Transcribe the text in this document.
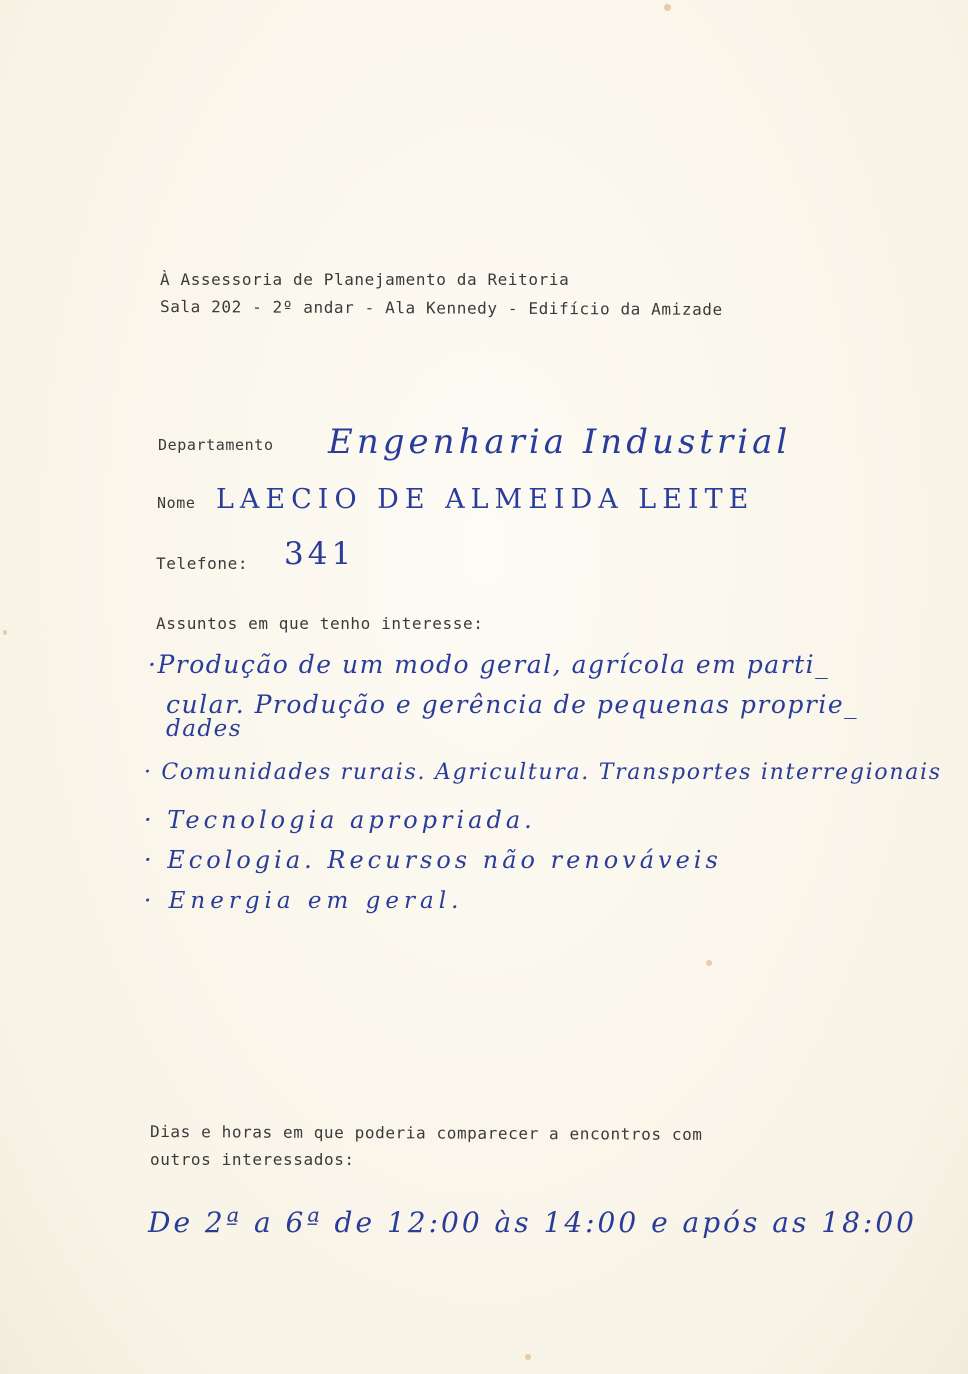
À Assessoria de Planejamento da Reitoria
Sala 202 - 2º andar - Ala Kennedy - Edifício da Amizade
Departamento Engenharia Industrial
Nome LAECIO DE ALMEIDA LEITE
Telefone: 341
Assuntos em que tenho interesse:
·Produção de um modo geral, agrícola em parti_
cular. Produção e gerência de pequenas proprie_
dades
· Comunidades rurais. Agricultura. Transportes interregionais
· Tecnologia apropriada.
· Ecologia. Recursos não renováveis
· Energia em geral.
Dias e horas em que poderia comparecer a encontros com
outros interessados:
De 2ª a 6ª de 12:00 às 14:00 e após as 18:00
